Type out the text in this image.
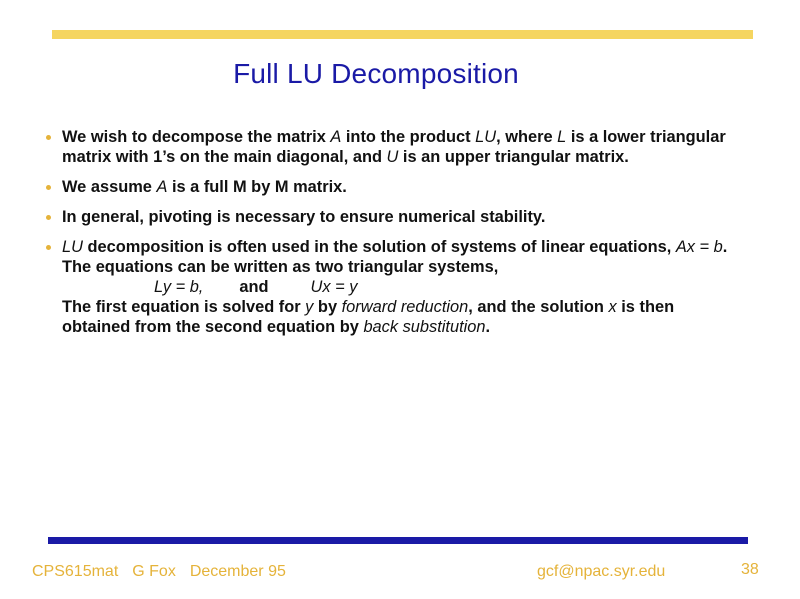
Full LU Decomposition
We wish to decompose the matrix A into the product LU, where L is a lower triangular matrix with 1’s on the main diagonal, and U is an upper triangular matrix.
We assume A is a full M by M matrix.
In general, pivoting is necessary to ensure numerical stability.
LU decomposition is often used in the solution of systems of linear equations, Ax = b. The equations can be written as two triangular systems,
Ly = b, and	Ux = y
The first equation is solved for y by forward reduction, and the solution x is then obtained from the second equation by back substitution.
CPS615mat G Fox December 95	gcf@npac.syr.edu	38
